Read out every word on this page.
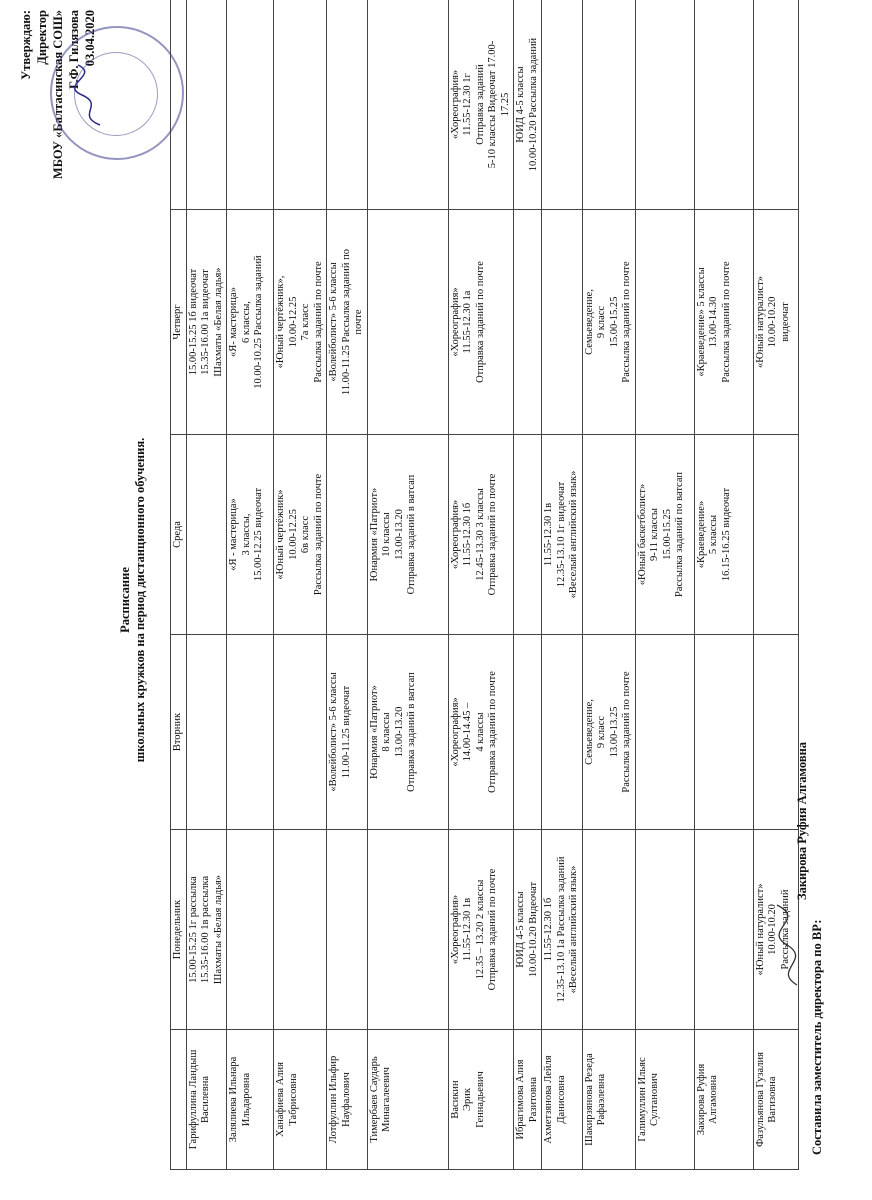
Утверждаю: Директор МБОУ «Балтасинская СОШ» Г.Ф. Гилязова 03.04.2020
Расписание школьных кружков на период дистанционного обучения.
	Понедельник	Вторник	Среда	Четверг	

Гарифуллина Ландыш Василевна	15.00-15.25 1г рассылка 15.35-16.00 1в рассылка Шахматы «Белая ладья»			15.00-15.25 1б видеочат 15.35-16.00 1а видеочат Шахматы «Белая ладья»	

Залялиева Ильнара Ильдаровна			«Я - мастерица» 3 классы, 15.00-12.25 видеочат	«Я- мастерица» 6 классы, 10.00-10.25 Рассылка заданий	

Ханафиева Алия Табрисовна			«Юный чертёжник» 10.00-12.25 6в класс Рассылка заданий по почте	«Юный чертёжник», 10.00-12.25 7а класс Рассылка заданий по почте	

Лотфуллин Ильфир Науфалович		«Волейболист» 5-6 классы 11.00-11.25 видеочат		«Волейболист» 5-6 классы 11.00-11.25 Рассылка заданий по почте	

Тимербаев Саударь Минагалеевич		Юнармия «Патриот» 8 классы 13.00-13.20 Отправка заданий в ватсап	Юнармия «Патриот» 10 классы 13.00-13.20 Отправка заданий в ватсап		

Васикин Эрик Геннадьевич	«Хореография» 11.55-12.30 1в 12.35 – 13.20 2 классы Отправка заданий по почте	«Хореография» 14.00-14.45 – 4 классы Отправка заданий по почте	«Хореография» 11.55-12.30 1б 12.45-13.30 3 классы Отправка заданий по почте	«Хореография» 11.55-12.30 1а Отправка заданий по почте	«Хореография» 11.55-12.30 1г Отправка заданий 5-10 классы Видеочат 17.00- 17.25

Ибрагимова Алия Разитовна	ЮИД 4-5 классы 10.00-10.20 Видеочат				ЮИД 4-5 классы 10.00-10.20 Рассылка заданий

Ахметзянова Лейля Данисовна	11.55-12.30 1б 12.35-13.10 1а Рассылка заданий «Веселый английский язык»		11.55-12.30 1в 12.35-13.10 1г видеочат «Веселый английский язык»		

Шакирзянова Резеда Рафаэлевна		Семьеведение, 9 класс 13.00-13.25 Рассылка заданий по почте		Семьеведение, 9 класс 15.00-15.25 Рассылка заданий по почте	

Галимуллин Ильяс Султанович			«Юный баскетболист» 9-11 классы 15.00-15.25 Рассылка заданий по ватсап		

Закирова Руфия Алгамовна			«Краеведение» 5 классы 16.15-16.25 видеочат	«Краеведение» 5 классы 13.00-14.30 Рассылка заданий по почте	

Фазульянова Гузалия Вагизовна	«Юный натуралист» 10.00-10.20 Рассылка заданий			«Юный натуралист» 10.00-10.20 видеочат	

Составила заместитель директора по ВР:
Закирова Руфия Алгамовна
